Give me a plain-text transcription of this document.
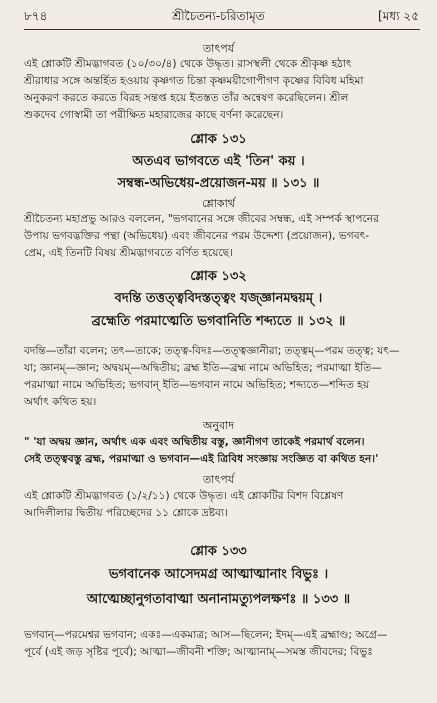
৮৭৪	শ্রীচৈতন্য-চরিতামৃত	[মধ্য ২৫
তাৎপর্য
এই শ্লোকটি শ্রীমদ্ভাগবত (১০/৩০/৪) থেকে উদ্ধৃত। রাসস্থলী থেকে শ্রীকৃষ্ণ হঠাৎ
শ্রীরাধার সঙ্গে অন্তর্হিত হওয়ায় কৃষ্ণগত চিন্তা কৃষ্ণময়ীগোপীগণ কৃষ্ণের বিবিধ মহিমা
অনুকরণ করতে করতে বিরহ সন্তপ্ত হয়ে ইতস্তত তাঁর অন্বেষণ করেছিলেন। শ্রীল
শুকদেব গোস্বামী তা পরীক্ষিত মহারাজের কাছে বর্ণনা করেছেন।
শ্লোক ১৩১
অতএব ভাগবতে এই 'তিন' কয় ।
সম্বন্ধ-অভিধেয়-প্রয়োজন-ময় ॥ ১৩১ ॥
শ্লোকার্থ
শ্রীচৈতন্য মহাপ্রভু আরও বললেন, "ভগবানের সঙ্গে জীবের সম্বন্ধ, এই সম্পর্ক স্থাপনের
উপায় ভগবদ্ভক্তির পন্থা (অভিধেয়) এবং জীবনের পরম উদ্দেশ্য (প্রয়োজন), ভগবৎ-
প্রেম, এই তিনটি বিষয় শ্রীমদ্ভাগবতে বর্ণিত হয়েছে।
শ্লোক ১৩২
বদন্তি তত্তত্ত্ববিদস্তত্ত্বং যজ্জ্ঞানমদ্বয়ম্ ।
ব্রহ্মেতি পরমাত্মেতি ভগবানিতি শব্দ্যতে ॥ ১৩২ ॥
বদন্তি—তাঁরা বলেন; তৎ—তাকে; তত্ত্ব-বিদঃ—তত্ত্বজ্ঞানীরা; তত্ত্বম্—পরম তত্ত্ব; যৎ—
যা; জ্ঞানম্—জ্ঞান; অদ্বয়ম্—অদ্বিতীয়; ব্রহ্ম ইতি—ব্রহ্ম নামে অভিহিত; পরমাত্মা ইতি—
পরমাত্মা নামে অভিহিত; ভগবান্ ইতি—ভগবান নামে অভিহিত; শব্দ্যতে—শব্দিত হয়
অর্থাৎ কথিত হয়।
অনুবাদ
" 'যা অদ্বয় জ্ঞান, অর্থাৎ এক এবং অদ্বিতীয় বস্তু, জ্ঞানীগণ তাকেই পরমার্থ বলেন।
সেই তত্ত্ববস্তু ব্রহ্ম, পরমাত্মা ও ভগবান—এই ত্রিবিধ সংজ্ঞায় সংজ্ঞিত বা কথিত হন।'
তাৎপর্য
এই শ্লোকটি শ্রীমদ্ভাগবত (১/২/১১) থেকে উদ্ধৃত। এই শ্লোকটির বিশদ বিশ্লেষণ
আদিলীলার দ্বিতীয় পরিচ্ছেদের ১১ শ্লোকে দ্রষ্টব্য।
শ্লোক ১৩৩
ভগবানেক আসেদমগ্র আত্মাত্মানাং বিভুঃ ।
আত্মেচ্ছানুগতাবাত্মা অনানামত্যুপলক্ষণঃ ॥ ১৩৩ ॥
ভগবান্—পরমেশ্বর ভগবান; একঃ—একমাত্র; আস—ছিলেন; ইদম্—এই ব্রহ্মাণ্ড; অগ্রে—
পূর্বে (এই জড় সৃষ্টির পূর্বে); আত্মা—জীবনী শক্তি; আত্মানাম্—সমস্ত জীবদের; বিভুঃ
